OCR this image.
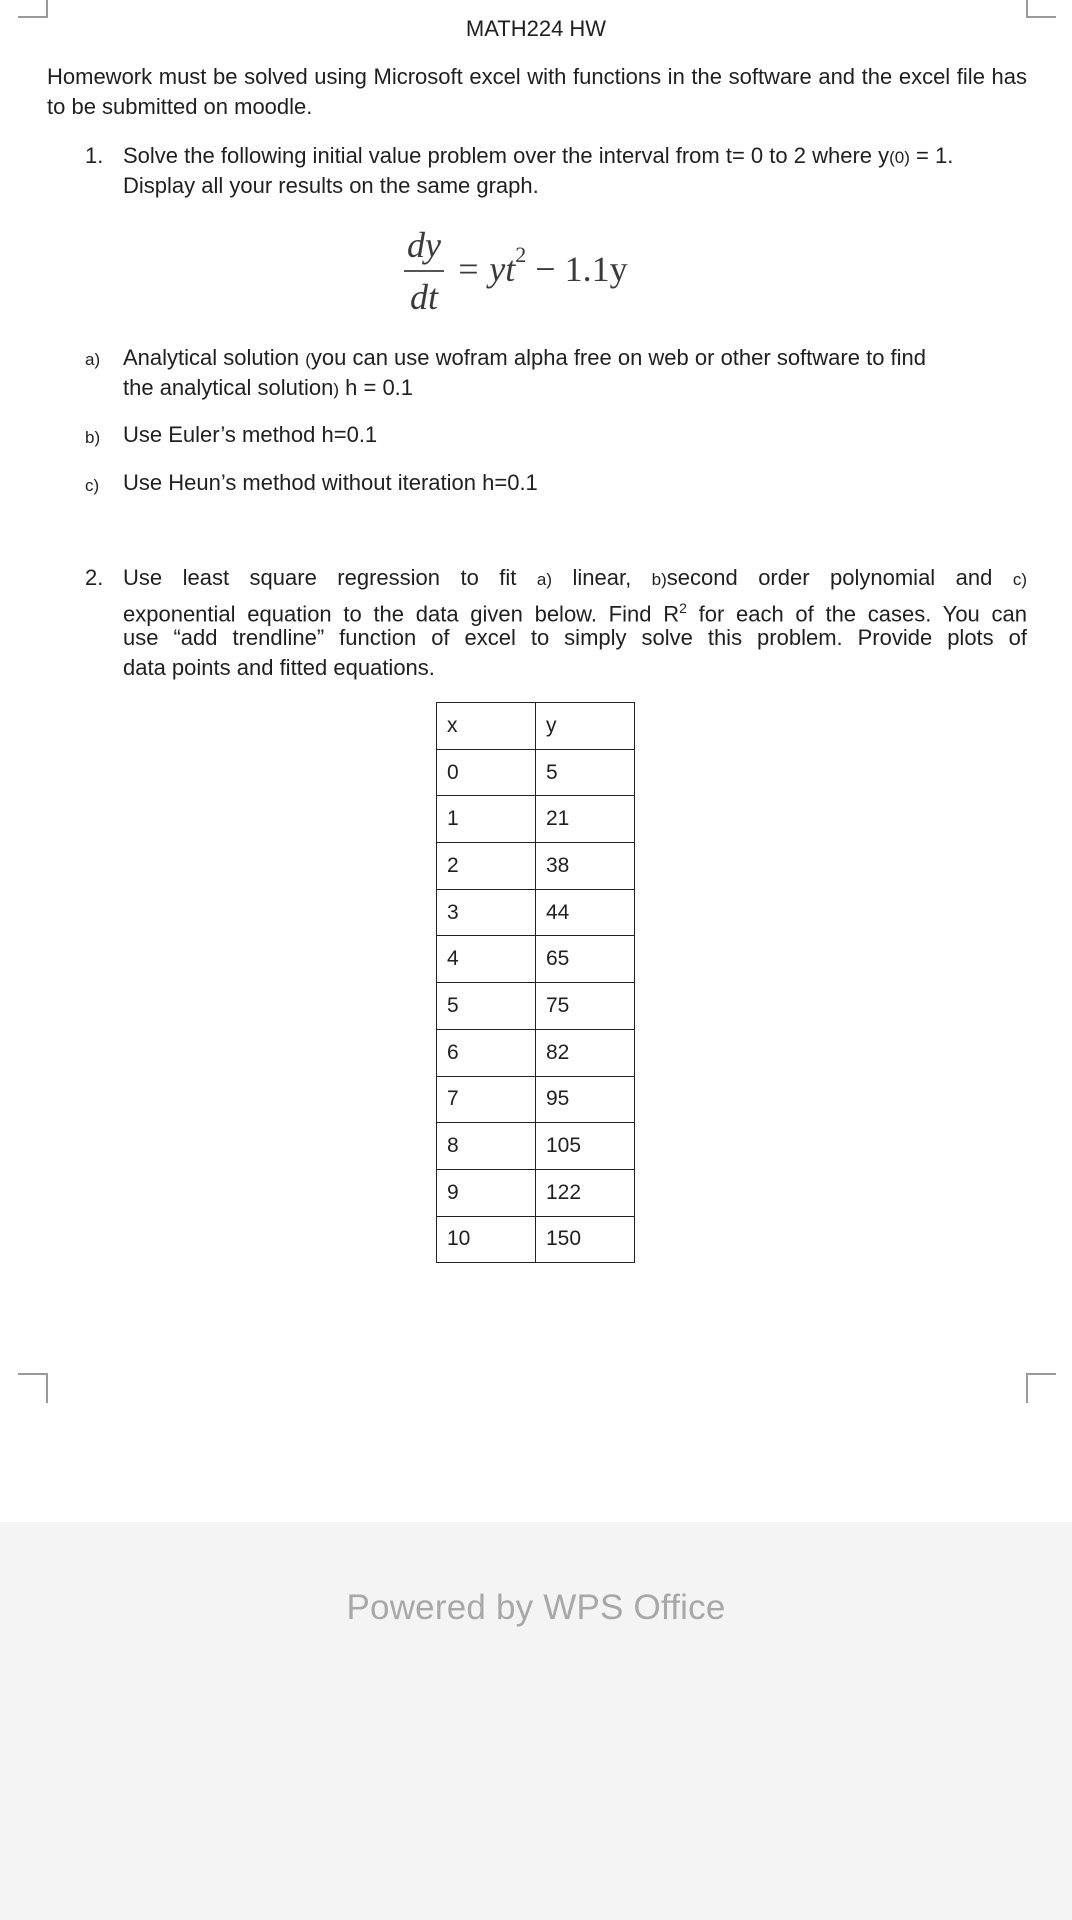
MATH224 HW
Homework must be solved using Microsoft excel with functions in the software and the excel file has to be submitted on moodle.
1. Solve the following initial value problem over the interval from t= 0 to 2 where y(0) = 1.
Display all your results on the same graph.
dy
dt
= $yt^2 - 1.1y$
a) Analytical solution (you can use wofram alpha free on web or other software to find
the analytical solution) h = 0.1
b) Use Euler’s method h=0.1
c) Use Heun’s method without iteration h=0.1
2. Use least square regression to fit a) linear, b)second order polynomial and c)
exponential equation to the data given below. Find $R^2$ for each of the cases. You can
use “add trendline” function of excel to simply solve this problem. Provide plots of
data points and fitted equations.
x	y
0	5
1	21
2	38
3	44
4	65
5	75
6	82
7	95
8	105
9	122
10	150
Powered by WPS Office
